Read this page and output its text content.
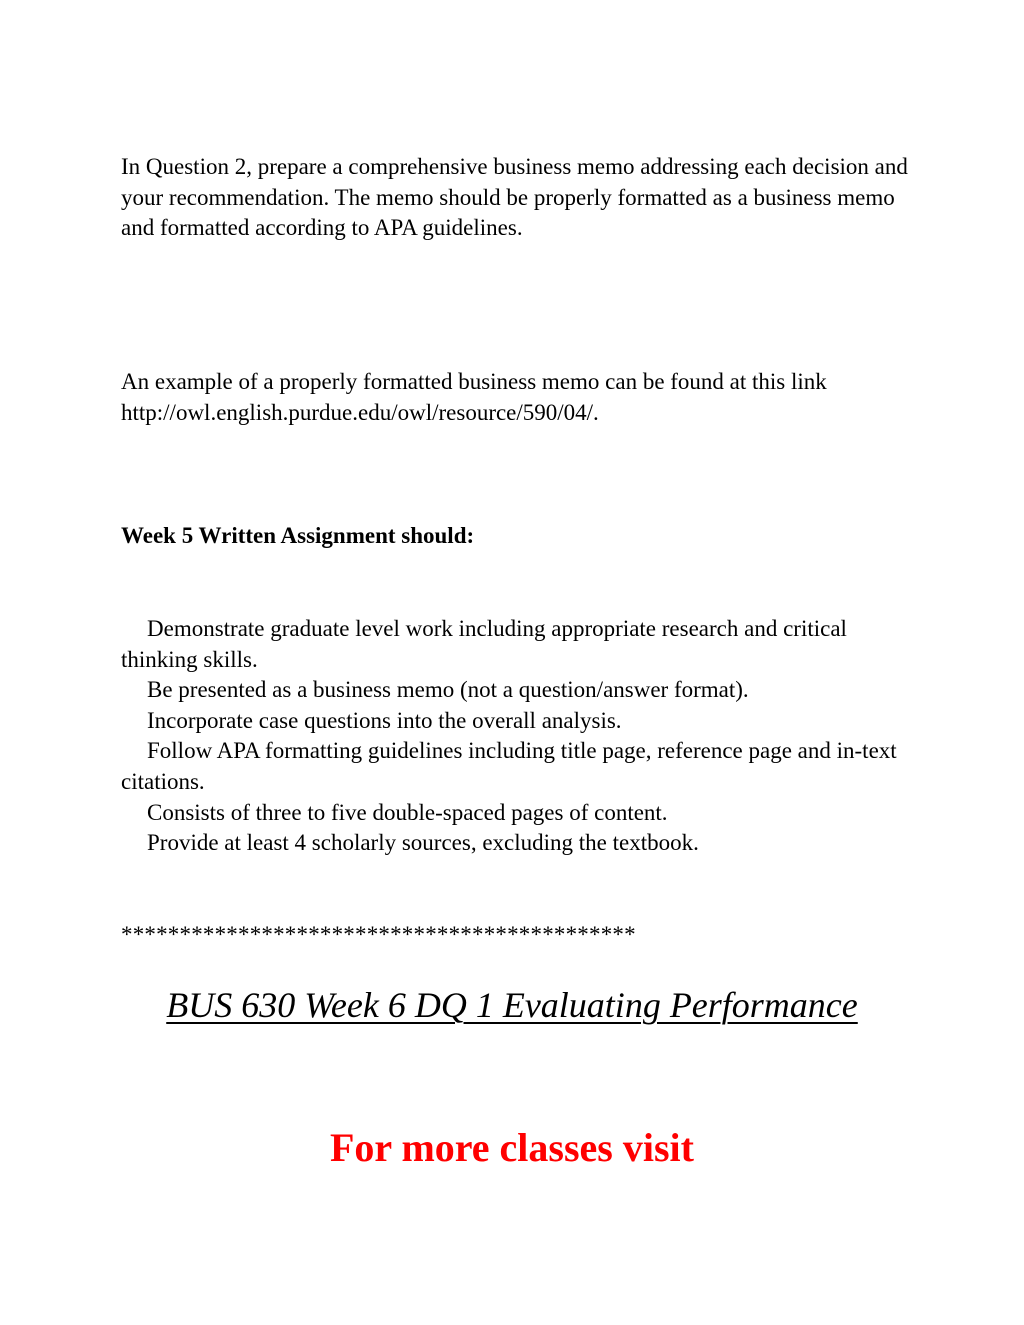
In Question 2, prepare a comprehensive business memo addressing each decision and your recommendation. The memo should be properly formatted as a business memo and formatted according to APA guidelines.

An example of a properly formatted business memo can be found at this link http://owl.english.purdue.edu/owl/resource/590/04/.

Week 5 Written Assignment should:

Demonstrate graduate level work including appropriate research and critical thinking skills.
Be presented as a business memo (not a question/answer format).
Incorporate case questions into the overall analysis.
Follow APA formatting guidelines including title page, reference page and in-text citations.
Consists of three to five double-spaced pages of content.
Provide at least 4 scholarly sources, excluding the textbook.

********************************************

BUS 630 Week 6 DQ 1 Evaluating Performance

For more classes visit
